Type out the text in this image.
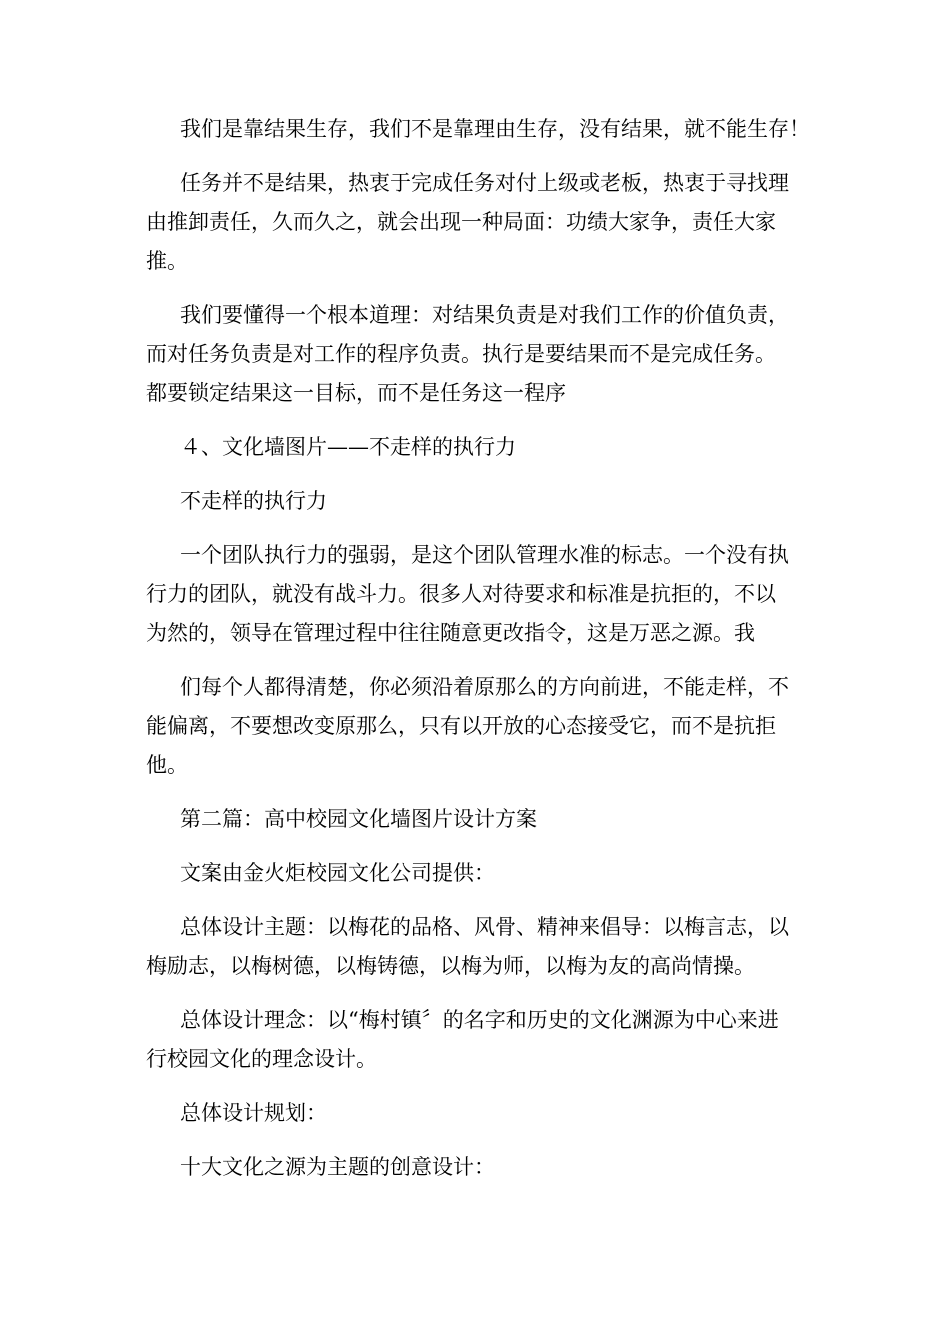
我们是靠结果生存，我们不是靠理由生存，没有结果，就不能生存！
任务并不是结果，热衷于完成任务对付上级或老板，热衷于寻找理
由推卸责任，久而久之，就会出现一种局面：功绩大家争，责任大家
推。
我们要懂得一个根本道理：对结果负责是对我们工作的价值负责，
而对任务负责是对工作的程序负责。执行是要结果而不是完成任务。
都要锁定结果这一目标，而不是任务这一程序
４、文化墙图片——不走样的执行力
不走样的执行力
一个团队执行力的强弱，是这个团队管理水准的标志。一个没有执
行力的团队，就没有战斗力。很多人对待要求和标准是抗拒的，不以
为然的，领导在管理过程中往往随意更改指令，这是万恶之源。我
们每个人都得清楚，你必须沿着原那么的方向前进，不能走样，不
能偏离，不要想改变原那么，只有以开放的心态接受它，而不是抗拒
他。
第二篇：高中校园文化墙图片设计方案
文案由金火炬校园文化公司提供：
总体设计主题：以梅花的品格、风骨、精神来倡导：以梅言志，以
梅励志，以梅树德，以梅铸德，以梅为师，以梅为友的高尚情操。
总体设计理念：以“梅村镇〞的名字和历史的文化渊源为中心来进
行校园文化的理念设计。
总体设计规划：
十大文化之源为主题的创意设计：
